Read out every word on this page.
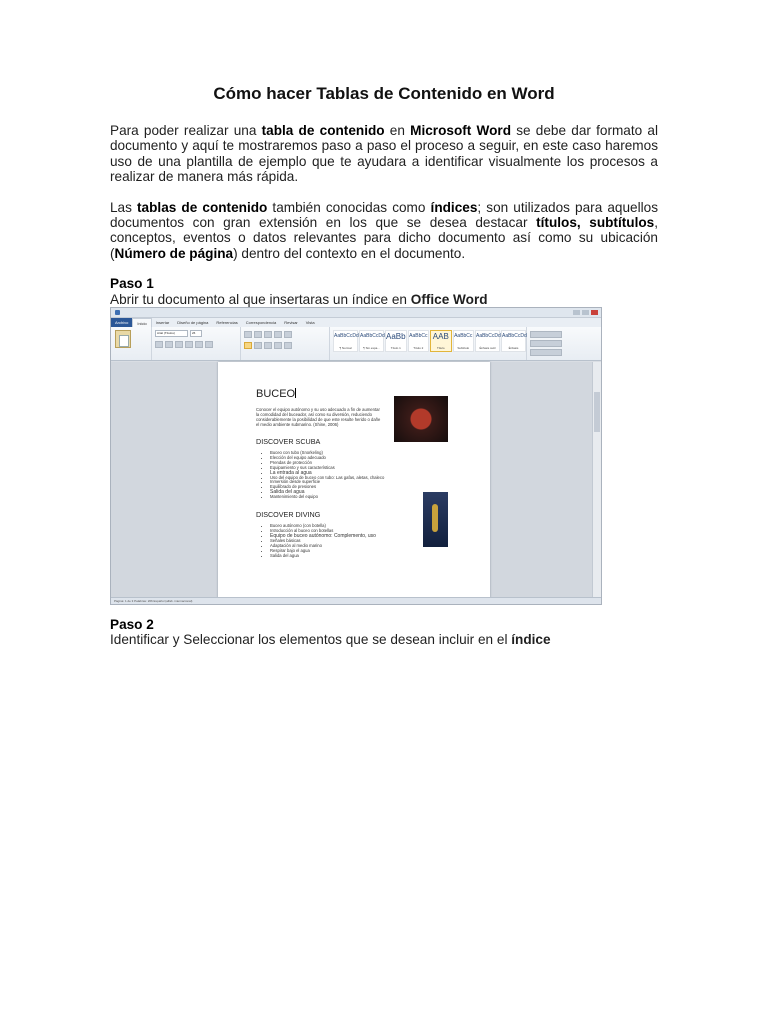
Cómo hacer Tablas de Contenido en Word

Para poder realizar una tabla de contenido en Microsoft Word se debe dar formato al documento y aquí te mostraremos paso a paso el proceso a seguir, en este caso haremos uso de una plantilla de ejemplo que te ayudara a identificar visualmente los procesos a realizar de manera más rápida.

Las tablas de contenido también conocidas como índices; son utilizados para aquellos documentos con gran extensión en los que se desea destacar títulos, subtítulos, conceptos, eventos o datos relevantes para dicho documento así como su ubicación (Número de página) dentro del contexto en el documento.

Paso 1
Abrir tu documento al que insertaras un índice en Office Word
Archivo	Inicio	Insertar	Diseño de página	Referencias	Correspondencia	Revisar	Vista
Arial (Títulos)	26	AaBbCcDd
¶ Normal
AaBbCcDd
¶ Sin espa...
AaBb
Título 1
AaBbCc
Título 2
AAB
Título
AaBbCc
Subtítulo
AaBbCcDd
Énfasis sutil
AaBbCcDd
Énfasis
BUCEO
Conocer el equipo autónomo y su uso adecuado a fin de aumentar la comodidad del buceador, así como su diversión, reduciendo considerablemente la posibilidad de que este resulte herido o dañe el medio ambiente submarino. (Shine, 2006)
DISCOVER SCUBA
• Buceo con tubo (Snorkeling)
• Elección del equipo adecuado
• Prendas de protección
• Equipamiento y sus características
• La entrada al agua
• Uso del equipo de buceo con tubo: Las gafas, aletas, chaleco
• Inmersión desde superficie
• Equilibrado de presiones
• Salida del agua
• Mantenimiento del equipo
DISCOVER DIVING
• Buceo autónomo (con botella)
• Introducción al buceo con botellas
• Equipo de buceo autónomo: Complemento, uso
• Señales básicas
• Adaptación al medio marino
• Respirar bajo el agua
• Salida del agua
Página: 1 de 3 Palabras: 266 Español (alfab. internacional)
Paso 2
Identificar y Seleccionar los elementos que se desean incluir en el índice
